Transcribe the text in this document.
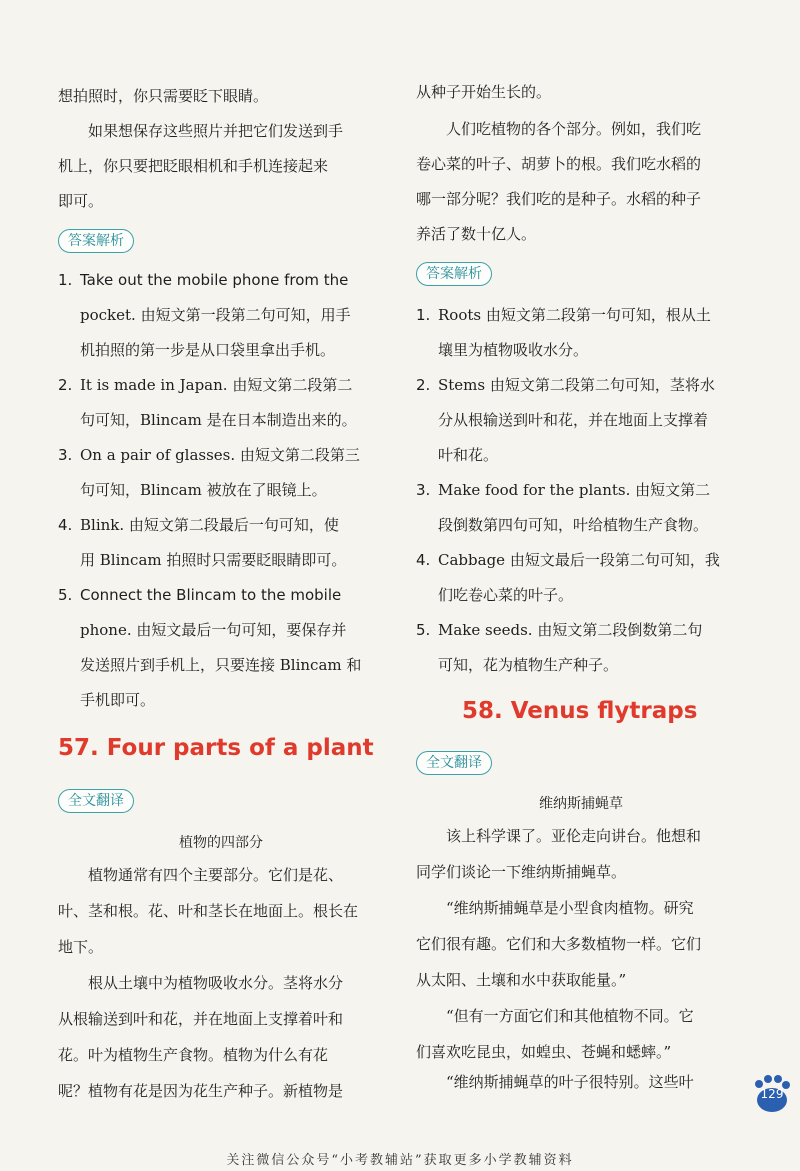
想拍照时，你只需要眨下眼睛。
如果想保存这些照片并把它们发送到手
机上，你只要把眨眼相机和手机连接起来
即可。
答案解析
1. Take out the mobile phone from the
pocket. 由短文第一段第二句可知，用手
机拍照的第一步是从口袋里拿出手机。
2. It is made in Japan. 由短文第二段第二
句可知，Blincam 是在日本制造出来的。
3. On a pair of glasses. 由短文第二段第三
句可知，Blincam 被放在了眼镜上。
4. Blink. 由短文第二段最后一句可知，使
用 Blincam 拍照时只需要眨眼睛即可。
5. Connect the Blincam to the mobile
phone. 由短文最后一句可知，要保存并
发送照片到手机上，只要连接 Blincam 和
手机即可。
57. Four parts of a plant
全文翻译
植物的四部分
植物通常有四个主要部分。它们是花、
叶、茎和根。花、叶和茎长在地面上。根长在
地下。
根从土壤中为植物吸收水分。茎将水分
从根输送到叶和花，并在地面上支撑着叶和
花。叶为植物生产食物。植物为什么有花
呢？植物有花是因为花生产种子。新植物是
从种子开始生长的。
人们吃植物的各个部分。例如，我们吃
卷心菜的叶子、胡萝卜的根。我们吃水稻的
哪一部分呢？我们吃的是种子。水稻的种子
养活了数十亿人。
答案解析
1. Roots 由短文第二段第一句可知，根从土
壤里为植物吸收水分。
2. Stems 由短文第二段第二句可知，茎将水
分从根输送到叶和花，并在地面上支撑着
叶和花。
3. Make food for the plants. 由短文第二
段倒数第四句可知，叶给植物生产食物。
4. Cabbage 由短文最后一段第二句可知，我
们吃卷心菜的叶子。
5. Make seeds. 由短文第二段倒数第二句
可知，花为植物生产种子。
58. Venus flytraps
全文翻译
维纳斯捕蝇草
该上科学课了。亚伦走向讲台。他想和
同学们谈论一下维纳斯捕蝇草。
“维纳斯捕蝇草是小型食肉植物。研究
它们很有趣。它们和大多数植物一样。它们
从太阳、土壤和水中获取能量。”
“但有一方面它们和其他植物不同。它
们喜欢吃昆虫，如蝗虫、苍蝇和蟋蟀。”
“维纳斯捕蝇草的叶子很特别。这些叶
129
关注微信公众号“小考教辅站”获取更多小学教辅资料
